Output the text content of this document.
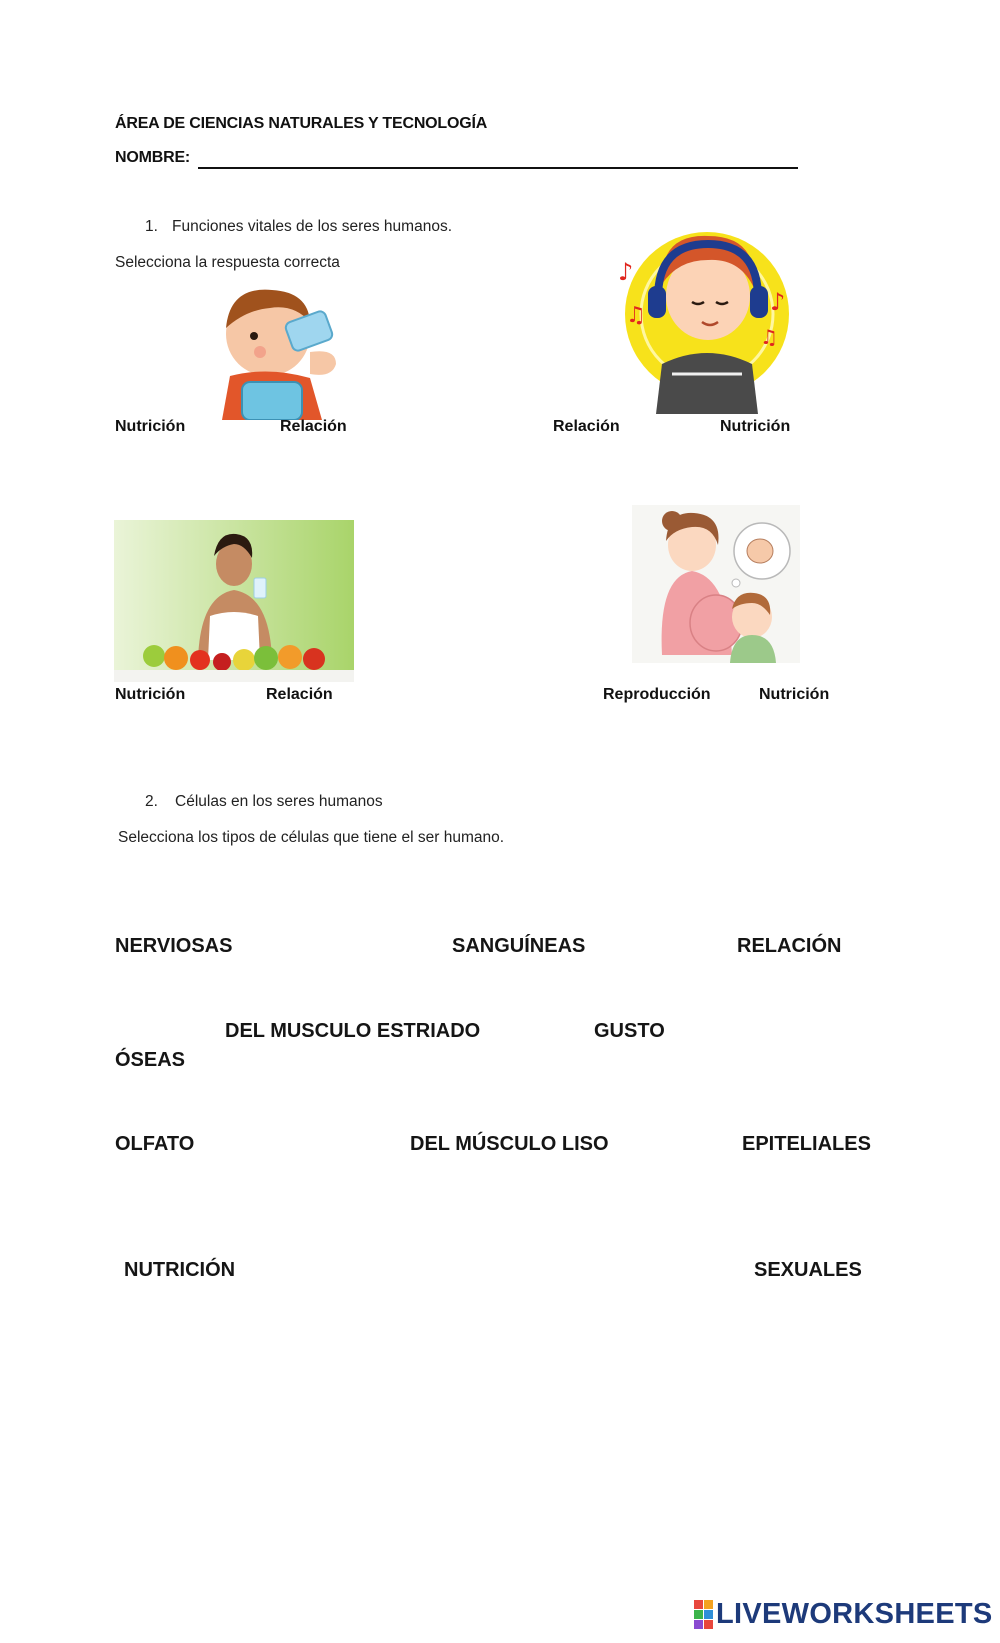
ÁREA DE CIENCIAS NATURALES Y TECNOLOGÍA
NOMBRE:
1. Funciones vitales de los seres humanos.
Selecciona la respuesta correcta
Nutrición	Relación
♪
♫	♪
♫
Relación	Nutrición
Nutrición	Relación	Reproducción	Nutrición
2. Células en los seres humanos
Selecciona los tipos de células que tiene el ser humano.
NERVIOSAS	SANGUÍNEAS	RELACIÓN
DEL MUSCULO ESTRIADO	GUSTO
ÓSEAS
OLFATO	DEL MÚSCULO LISO	EPITELIALES
NUTRICIÓN	SEXUALES
LIVEWORKSHEETS
